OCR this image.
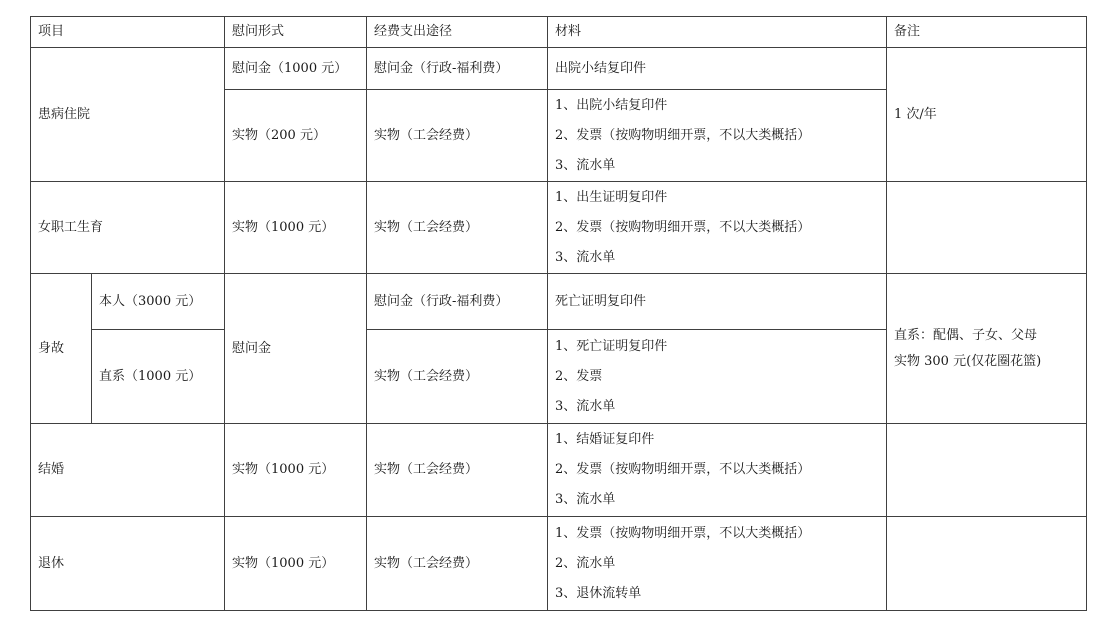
项目		慰问形式	经费支出途径	材料	备注
患病住院		慰问金（1000 元）	慰问金（行政-福利费）	出院小结复印件	1 次/年
		实物（200 元）	实物（工会经费）	1、出院小结复印件
2、发票（按购物明细开票，不以大类概括）
3、流水单	

女职工生育		实物（1000 元）	实物（工会经费）	1、出生证明复印件
2、发票（按购物明细开票，不以大类概括）
3、流水单	

身故	本人（3000 元）	慰问金	慰问金（行政-福利费）	死亡证明复印件	直系：配偶、子女、父母
实物 300 元(仅花圈花篮)

	直系（1000 元）		实物（工会经费）	1、死亡证明复印件
2、发票
3、流水单	

结婚		实物（1000 元）	实物（工会经费）	1、结婚证复印件
2、发票（按购物明细开票，不以大类概括）
3、流水单	

退休		实物（1000 元）	实物（工会经费）	1、发票（按购物明细开票，不以大类概括）
2、流水单
3、退休流转单	
